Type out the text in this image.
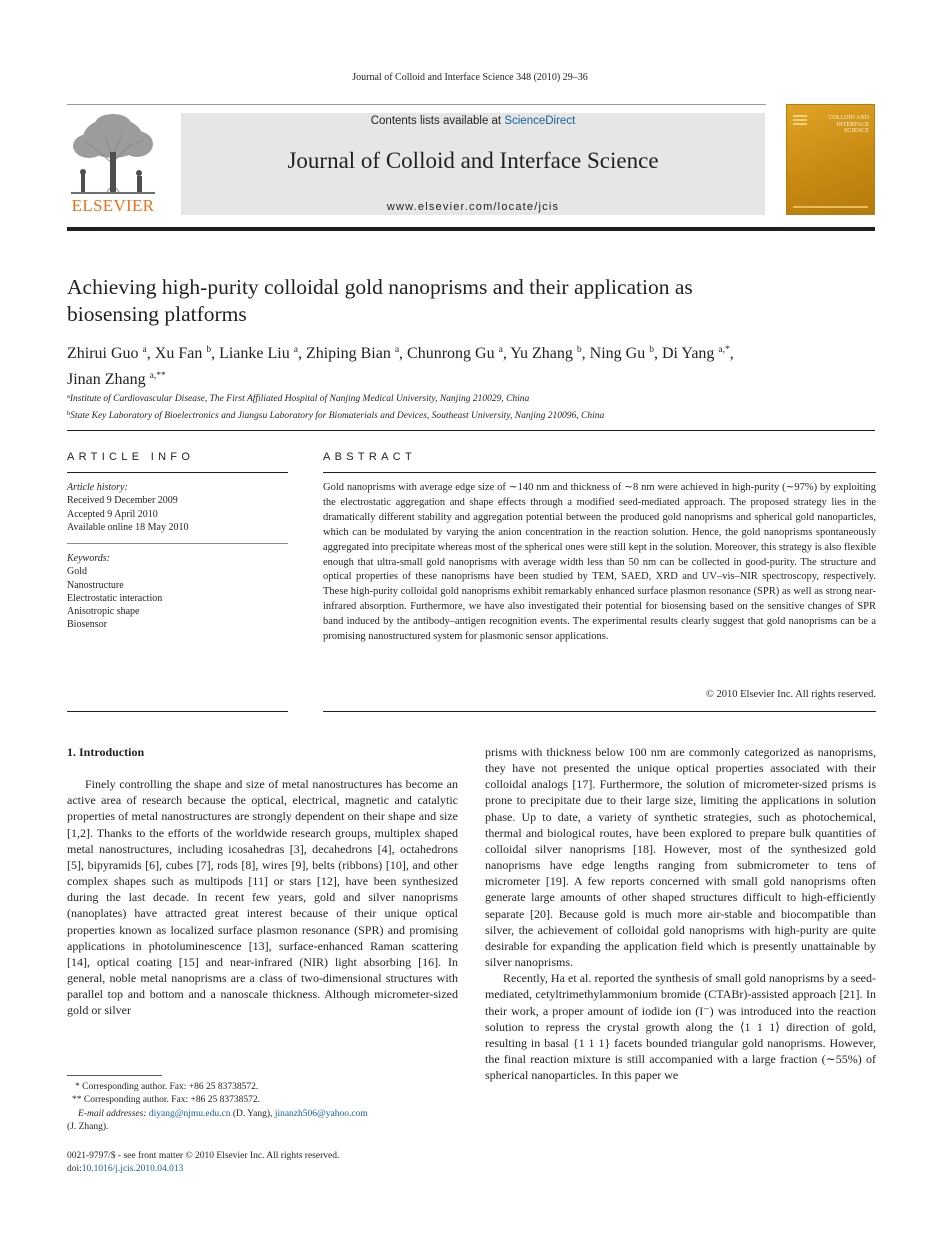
Journal of Colloid and Interface Science 348 (2010) 29–36
ELSEVIER
Contents lists available at ScienceDirect
Journal of Colloid and Interface Science
www.elsevier.com/locate/jcis
COLLOID AND INTERFACE SCIENCE
Achieving high-purity colloidal gold nanoprisms and their application as biosensing platforms
Zhirui Guo $^a$, Xu Fan $^b$, Lianke Liu $^a$, Zhiping Bian $^a$, Chunrong Gu $^a$, Yu Zhang $^b$, Ning Gu $^b$, Di Yang $^{a,*}$,
Jinan Zhang $^{a,**}$
$^a$Institute of Cardiovascular Disease, The First Affiliated Hospital of Nanjing Medical University, Nanjing 210029, China
$^b$State Key Laboratory of Bioelectronics and Jiangsu Laboratory for Biomaterials and Devices, Southeast University, Nanjing 210096, China
ARTICLE INFO
Article history:
Received 9 December 2009
Accepted 9 April 2010
Available online 18 May 2010
Keywords:
Gold
Nanostructure
Electrostatic interaction
Anisotropic shape
Biosensor
ABSTRACT
Gold nanoprisms with average edge size of ∼140 nm and thickness of ∼8 nm were achieved in high-purity (∼97%) by exploiting the electrostatic aggregation and shape effects through a modified seed-mediated approach. The proposed strategy lies in the dramatically different stability and aggregation potential between the produced gold nanoprisms and spherical gold nanoparticles, which can be modulated by varying the anion concentration in the reaction solution. Hence, the gold nanoprisms spontaneously aggregated into precipitate whereas most of the spherical ones were still kept in the solution. Moreover, this strategy is also flexible enough that ultra-small gold nanoprisms with average width less than 50 nm can be collected in good-purity. The structure and optical properties of these nanoprisms have been studied by TEM, SAED, XRD and UV–vis–NIR spectroscopy, respectively. These high-purity colloidal gold nanoprisms exhibit remarkably enhanced surface plasmon resonance (SPR) as well as strong near-infrared absorption. Furthermore, we have also investigated their potential for biosensing based on the sensitive changes of SPR band induced by the antibody–antigen recognition events. The experimental results clearly suggest that gold nanoprisms can be a promising nanostructured system for plasmonic sensor applications.
© 2010 Elsevier Inc. All rights reserved.
1. Introduction

Finely controlling the shape and size of metal nanostructures has become an active area of research because the optical, electrical, magnetic and catalytic properties of metal nanostructures are strongly dependent on their shape and size [1,2]. Thanks to the efforts of the worldwide research groups, multiplex shaped metal nanostructures, including icosahedras [3], decahedrons [4], octahedrons [5], bipyramids [6], cubes [7], rods [8], wires [9], belts (ribbons) [10], and other complex shapes such as multipods [11] or stars [12], have been synthesized during the last decade. In recent few years, gold and silver nanoprisms (nanoplates) have attracted great interest because of their unique optical properties known as localized surface plasmon resonance (SPR) and promising applications in photoluminescence [13], surface-enhanced Raman scattering [14], optical coating [15] and near-infrared (NIR) light absorbing [16]. In general, noble metal nanoprisms are a class of two-dimensional structures with parallel top and bottom and a nanoscale thickness. Although micrometer-sized gold or silver

prisms with thickness below 100 nm are commonly categorized as nanoprisms, they have not presented the unique optical properties associated with their colloidal analogs [17]. Furthermore, the solution of micrometer-sized prisms is prone to precipitate due to their large size, limiting the applications in solution phase. Up to date, a variety of synthetic strategies, such as photochemical, thermal and biological routes, have been explored to prepare bulk quantities of colloidal silver nanoprisms [18]. However, most of the synthesized gold nanoprisms have edge lengths ranging from submicrometer to tens of micrometer [19]. A few reports concerned with small gold nanoprisms often generate large amounts of other shaped structures difficult to high-efficiently separate [20]. Because gold is much more air-stable and biocompatible than silver, the achievement of colloidal gold nanoprisms with high-purity are quite desirable for expanding the application field which is presently unattainable by silver nanoprisms.

Recently, Ha et al. reported the synthesis of small gold nanoprisms by a seed-mediated, cetyltrimethylammonium bromide (CTABr)-assisted approach [21]. In their work, a proper amount of iodide ion (I⁻) was introduced into the reaction solution to repress the crystal growth along the ⟨1 1 1⟩ direction of gold, resulting in basal {1 1 1} facets bounded triangular gold nanoprisms. However, the final reaction mixture is still accompanied with a large fraction (∼55%) of spherical nanoparticles. In this paper we

* Corresponding author. Fax: +86 25 83738572.
** Corresponding author. Fax: +86 25 83738572.
E-mail addresses: diyang@njmu.edu.cn (D. Yang), jinanzh506@yahoo.com
(J. Zhang).
0021-9797/$ - see front matter © 2010 Elsevier Inc. All rights reserved.
doi:10.1016/j.jcis.2010.04.013
